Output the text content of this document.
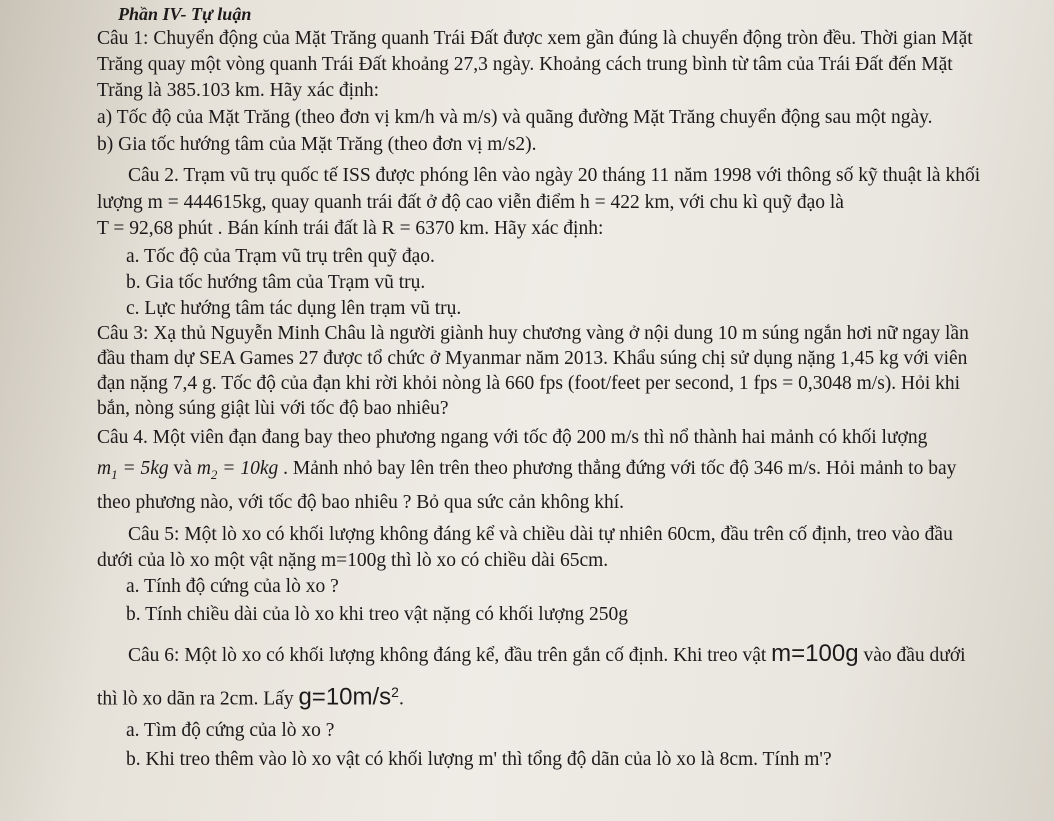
Phần IV- Tự luận
Câu 1: Chuyển động của Mặt Trăng quanh Trái Đất được xem gần đúng là chuyển động tròn đều. Thời gian Mặt
Trăng quay một vòng quanh Trái Đất khoảng 27,3 ngày. Khoảng cách trung bình từ tâm của Trái Đất đến Mặt
Trăng là 385.103 km. Hãy xác định:
a) Tốc độ của Mặt Trăng (theo đơn vị km/h và m/s) và quãng đường Mặt Trăng chuyển động sau một ngày.
b) Gia tốc hướng tâm của Mặt Trăng (theo đơn vị m/s2).
Câu 2. Trạm vũ trụ quốc tế ISS được phóng lên vào ngày 20 tháng 11 năm 1998 với thông số kỹ thuật là khối
lượng m = 444615kg, quay quanh trái đất ở độ cao viễn điểm h = 422 km, với chu kì quỹ đạo là
T = 92,68 phút . Bán kính trái đất là R = 6370 km. Hãy xác định:
a. Tốc độ của Trạm vũ trụ trên quỹ đạo.
b. Gia tốc hướng tâm của Trạm vũ trụ.
c. Lực hướng tâm tác dụng lên trạm vũ trụ.
Câu 3: Xạ thủ Nguyễn Minh Châu là người giành huy chương vàng ở nội dung 10 m súng ngắn hơi nữ ngay lần
đầu tham dự SEA Games 27 được tổ chức ở Myanmar năm 2013. Khẩu súng chị sử dụng nặng 1,45 kg với viên
đạn nặng 7,4 g. Tốc độ của đạn khi rời khỏi nòng là 660 fps (foot/feet per second, 1 fps = 0,3048 m/s). Hỏi khi
bắn, nòng súng giật lùi với tốc độ bao nhiêu?
Câu 4. Một viên đạn đang bay theo phương ngang với tốc độ 200 m/s thì nổ thành hai mảnh có khối lượng
$m_1 = 5kg$ và $m_2 = 10kg$ . Mảnh nhỏ bay lên trên theo phương thẳng đứng với tốc độ 346 m/s. Hỏi mảnh to bay
theo phương nào, với tốc độ bao nhiêu ? Bỏ qua sức cản không khí.
Câu 5: Một lò xo có khối lượng không đáng kể và chiều dài tự nhiên 60cm, đầu trên cố định, treo vào đầu
dưới của lò xo một vật nặng m=100g thì lò xo có chiều dài 65cm.
a. Tính độ cứng của lò xo ?
b. Tính chiều dài của lò xo khi treo vật nặng có khối lượng 250g
Câu 6: Một lò xo có khối lượng không đáng kể, đầu trên gắn cố định. Khi treo vật m=100g vào đầu dưới
thì lò xo dãn ra 2cm. Lấy $g=10m/s^2$.
a. Tìm độ cứng của lò xo ?
b. Khi treo thêm vào lò xo vật có khối lượng m' thì tổng độ dãn của lò xo là 8cm. Tính m'?
